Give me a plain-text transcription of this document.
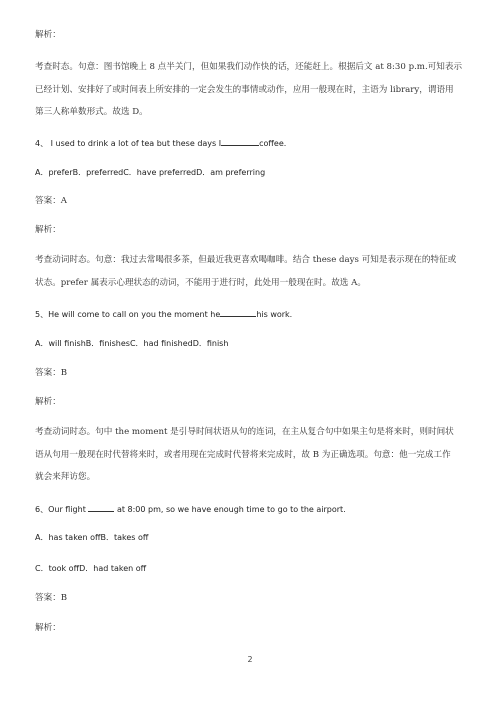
解析：
考查时态。句意：图书馆晚上 8 点半关门，但如果我们动作快的话，还能赶上。根据后文 at 8:30 p.m.可知表示
已经计划、安排好了或时间表上所安排的一定会发生的事情或动作，应用一般现在时，主语为 library，谓语用
第三人称单数形式。故选 D。
4、 I used to drink a lot of tea but these days I	coffee.
A．preferB．preferredC．have preferredD．am preferring
答案：A
解析：
考查动词时态。句意：我过去常喝很多茶，但最近我更喜欢喝咖啡。结合 these days 可知是表示现在的特征或
状态。prefer 属表示心理状态的动词，不能用于进行时，此处用一般现在时。故选 A。
5、He will come to call on you the moment he	his work.
A．will finishB．finishesC．had finishedD．finish
答案：B
解析：
考查动词时态。句中 the moment 是引导时间状语从句的连词，在主从复合句中如果主句是将来时，则时间状
语从句用一般现在时代替将来时，或者用现在完成时代替将来完成时，故 B 为正确选项。句意：他一完成工作
就会来拜访您。
6、Our flight	at 8:00 pm, so we have enough time to go to the airport.
A．has taken offB．takes off
C．took offD．had taken off
答案：B
解析：
2
